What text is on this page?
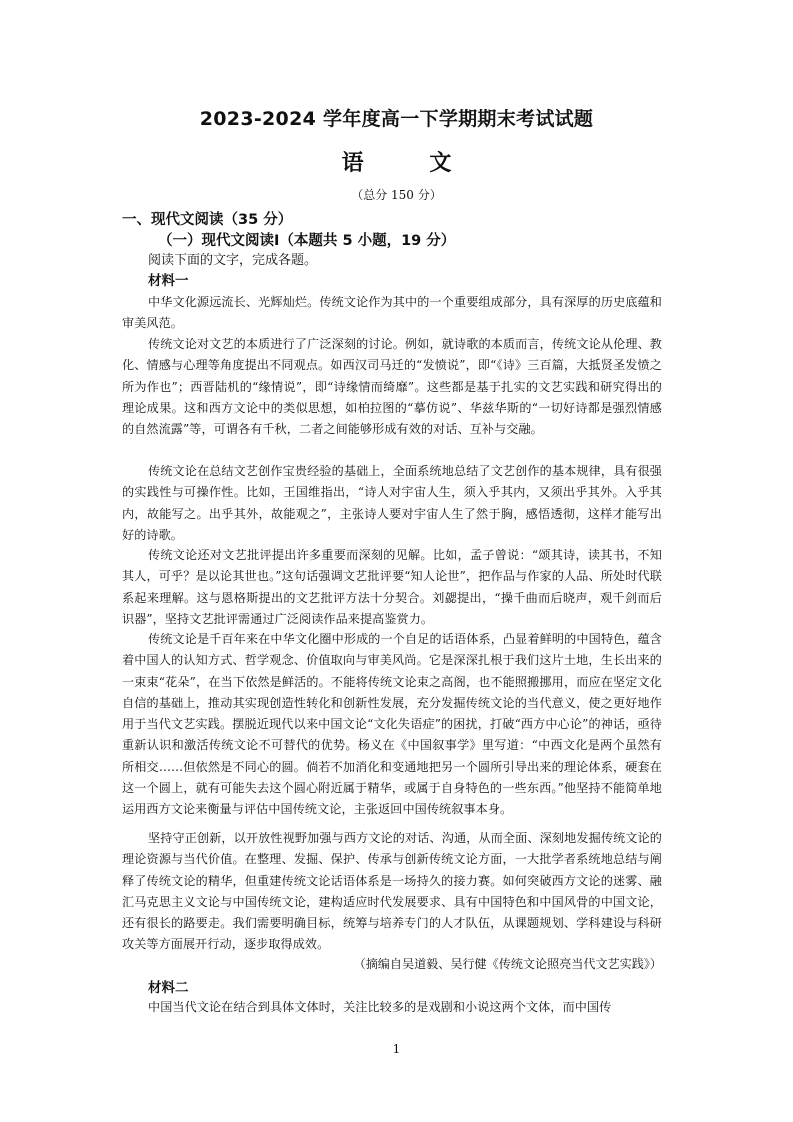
2023-2024 学年度高一下学期期末考试试题
语 文

（总分 150 分）

一、现代文阅读（35 分）
（一）现代文阅读Ⅰ（本题共 5 小题，19 分）

阅读下面的文字，完成各题。

材料一

中华文化源远流长、光辉灿烂。传统文论作为其中的一个重要组成部分，具有深厚的历史底蕴和审美风范。

传统文论对文艺的本质进行了广泛深刻的讨论。例如，就诗歌的本质而言，传统文论从伦理、教化、情感与心理等角度提出不同观点。如西汉司马迁的“发愤说”，即“《诗》三百篇，大抵贤圣发愤之所为作也”；西晋陆机的“缘情说”，即“诗缘情而绮靡”。这些都是基于扎实的文艺实践和研究得出的理论成果。这和西方文论中的类似思想，如柏拉图的“摹仿说”、华兹华斯的“一切好诗都是强烈情感的自然流露”等，可谓各有千秋，二者之间能够形成有效的对话、互补与交融。

传统文论在总结文艺创作宝贵经验的基础上，全面系统地总结了文艺创作的基本规律，具有很强的实践性与可操作性。比如，王国维指出，“诗人对宇宙人生，须入乎其内，又须出乎其外。入乎其内，故能写之。出乎其外，故能观之”，主张诗人要对宇宙人生了然于胸，感悟透彻，这样才能写出好的诗歌。

传统文论还对文艺批评提出许多重要而深刻的见解。比如，孟子曾说：“颂其诗，读其书，不知其人，可乎？是以论其世也。”这句话强调文艺批评要“知人论世”，把作品与作家的人品、所处时代联系起来理解。这与恩格斯提出的文艺批评方法十分契合。刘勰提出，“操千曲而后晓声，观千剑而后识器”，坚持文艺批评需通过广泛阅读作品来提高鉴赏力。

传统文论是千百年来在中华文化圈中形成的一个自足的话语体系，凸显着鲜明的中国特色，蕴含着中国人的认知方式、哲学观念、价值取向与审美风尚。它是深深扎根于我们这片土地，生长出来的一束束“花朵”，在当下依然是鲜活的。不能将传统文论束之高阁，也不能照搬挪用，而应在坚定文化自信的基础上，推动其实现创造性转化和创新性发展，充分发掘传统文论的当代意义，使之更好地作用于当代文艺实践。摆脱近现代以来中国文论“文化失语症”的困扰，打破“西方中心论”的神话，亟待重新认识和激活传统文论不可替代的优势。杨义在《中国叙事学》里写道：“中西文化是两个虽然有所相交……但依然是不同心的圆。倘若不加消化和变通地把另一个圆所引导出来的理论体系，硬套在这一个圆上，就有可能失去这个圆心附近属于精华，或属于自身特色的一些东西。”他坚持不能简单地运用西方文论来衡量与评估中国传统文论，主张返回中国传统叙事本身。

坚持守正创新，以开放性视野加强与西方文论的对话、沟通，从而全面、深刻地发掘传统文论的理论资源与当代价值。在整理、发掘、保护、传承与创新传统文论方面，一大批学者系统地总结与阐释了传统文论的精华，但重建传统文论话语体系是一场持久的接力赛。如何突破西方文论的迷雾、融汇马克思主义文论与中国传统文论，建构适应时代发展要求、具有中国特色和中国风骨的中国文论，还有很长的路要走。我们需要明确目标，统筹与培养专门的人才队伍，从课题规划、学科建设与科研攻关等方面展开行动，逐步取得成效。

（摘编自吴道毅、吴行健《传统文论照亮当代文艺实践》）

材料二

中国当代文论在结合到具体文体时，关注比较多的是戏剧和小说这两个文体，而中国传

1
